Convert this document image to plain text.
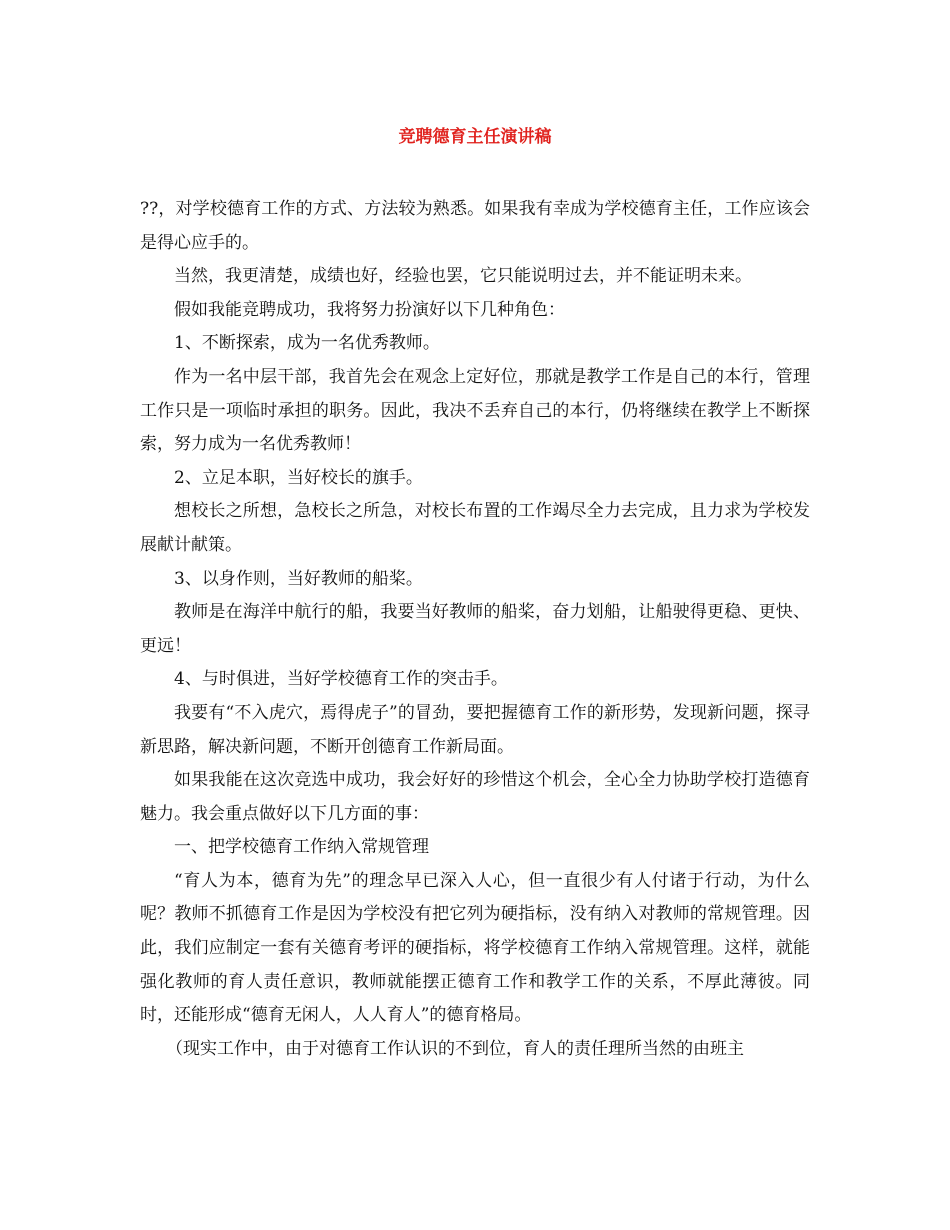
竞聘德育主任演讲稿

??，对学校德育工作的方式、方法较为熟悉。如果我有幸成为学校德育主任，工作应该会是得心应手的。

当然，我更清楚，成绩也好，经验也罢，它只能说明过去，并不能证明未来。

假如我能竞聘成功，我将努力扮演好以下几种角色：

1、不断探索，成为一名优秀教师。

作为一名中层干部，我首先会在观念上定好位，那就是教学工作是自己的本行，管理工作只是一项临时承担的职务。因此，我决不丢弃自己的本行，仍将继续在教学上不断探索，努力成为一名优秀教师！

2、立足本职，当好校长的旗手。

想校长之所想，急校长之所急，对校长布置的工作竭尽全力去完成，且力求为学校发展献计献策。

3、以身作则，当好教师的船桨。

教师是在海洋中航行的船，我要当好教师的船桨，奋力划船，让船驶得更稳、更快、更远！

4、与时俱进，当好学校德育工作的突击手。

我要有“不入虎穴，焉得虎子”的冒劲，要把握德育工作的新形势，发现新问题，探寻新思路，解决新问题，不断开创德育工作新局面。

如果我能在这次竞选中成功，我会好好的珍惜这个机会，全心全力协助学校打造德育魅力。我会重点做好以下几方面的事：

一、把学校德育工作纳入常规管理

“育人为本，德育为先”的理念早已深入人心，但一直很少有人付诸于行动，为什么呢？教师不抓德育工作是因为学校没有把它列为硬指标，没有纳入对教师的常规管理。因此，我们应制定一套有关德育考评的硬指标，将学校德育工作纳入常规管理。这样，就能强化教师的育人责任意识，教师就能摆正德育工作和教学工作的关系，不厚此薄彼。同时，还能形成“德育无闲人，人人育人”的德育格局。

（现实工作中，由于对德育工作认识的不到位，育人的责任理所当然的由班主
